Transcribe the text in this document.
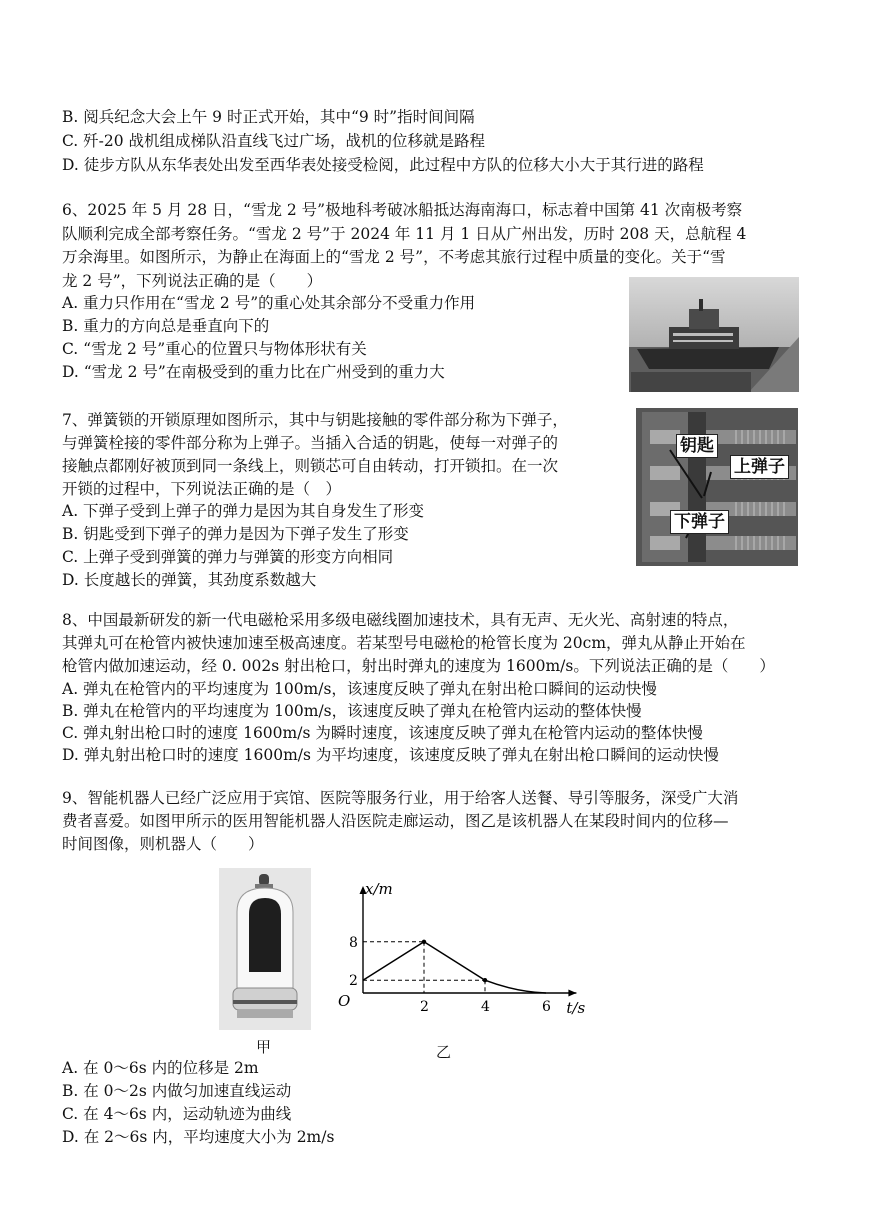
B. 阅兵纪念大会上午 9 时正式开始，其中“9 时”指时间间隔
C. 歼-20 战机组成梯队沿直线飞过广场，战机的位移就是路程
D. 徒步方队从东华表处出发至西华表处接受检阅，此过程中方队的位移大小大于其行进的路程
6、2025 年 5 月 28 日，“雪龙 2 号”极地科考破冰船抵达海南海口，标志着中国第 41 次南极考察
队顺利完成全部考察任务。“雪龙 2 号”于 2024 年 11 月 1 日从广州出发，历时 208 天，总航程 4
万余海里。如图所示，为静止在海面上的“雪龙 2 号”，不考虑其旅行过程中质量的变化。关于“雪
龙 2 号”，下列说法正确的是（　　）
A. 重力只作用在“雪龙 2 号”的重心处其余部分不受重力作用
B. 重力的方向总是垂直向下的
C. “雪龙 2 号”重心的位置只与物体形状有关
D. “雪龙 2 号”在南极受到的重力比在广州受到的重力大
7、弹簧锁的开锁原理如图所示，其中与钥匙接触的零件部分称为下弹子，
与弹簧栓接的零件部分称为上弹子。当插入合适的钥匙，使每一对弹子的
接触点都刚好被顶到同一条线上，则锁芯可自由转动，打开锁扣。在一次
开锁的过程中，下列说法正确的是（　）
A. 下弹子受到上弹子的弹力是因为其自身发生了形变
B. 钥匙受到下弹子的弹力是因为下弹子发生了形变
C. 上弹子受到弹簧的弹力与弹簧的形变方向相同
D. 长度越长的弹簧，其劲度系数越大
钥匙
上弹子
下弹子
8、中国最新研发的新一代电磁枪采用多级电磁线圈加速技术，具有无声、无火光、高射速的特点，
其弹丸可在枪管内被快速加速至极高速度。若某型号电磁枪的枪管长度为 20cm，弹丸从静止开始在
枪管内做加速运动，经 0. 002s 射出枪口，射出时弹丸的速度为 1600m/s。下列说法正确的是（　　）
A. 弹丸在枪管内的平均速度为 100m/s，该速度反映了弹丸在射出枪口瞬间的运动快慢
B. 弹丸在枪管内的平均速度为 100m/s，该速度反映了弹丸在枪管内运动的整体快慢
C. 弹丸射出枪口时的速度 1600m/s 为瞬时速度，该速度反映了弹丸在枪管内运动的整体快慢
D. 弹丸射出枪口时的速度 1600m/s 为平均速度，该速度反映了弹丸在射出枪口瞬间的运动快慢
9、智能机器人已经广泛应用于宾馆、医院等服务行业，用于给客人送餐、导引等服务，深受广大消
费者喜爱。如图甲所示的医用智能机器人沿医院走廊运动，图乙是该机器人在某段时间内的位移—
时间图像，则机器人（　　）
甲	乙
O
x/m
t/s
2	4	6
2
8
A. 在 0～6s 内的位移是 2m
B. 在 0～2s 内做匀加速直线运动
C. 在 4～6s 内，运动轨迹为曲线
D. 在 2～6s 内，平均速度大小为 2m/s
